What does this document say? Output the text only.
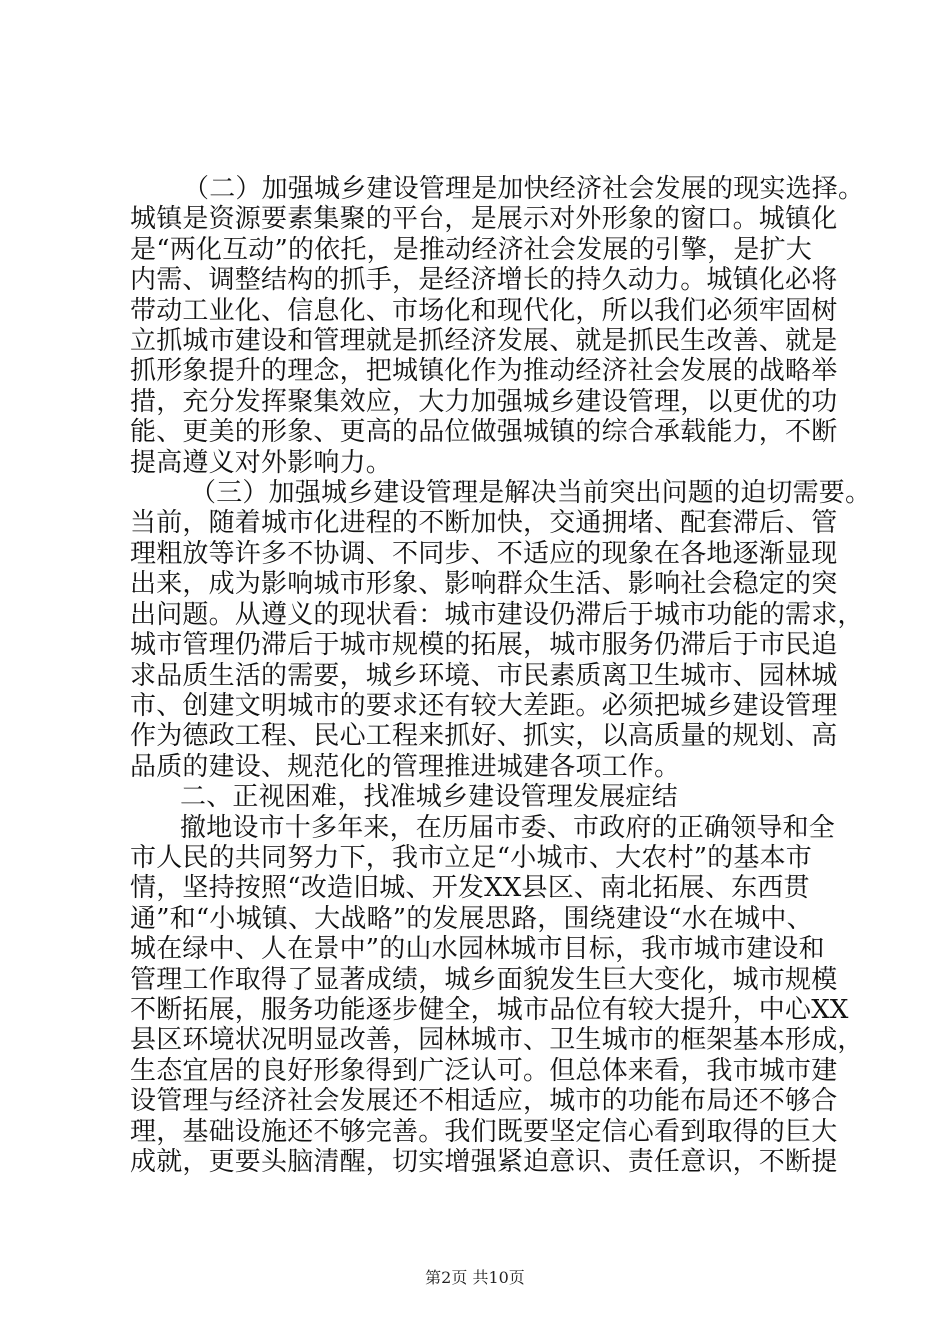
（二）加强城乡建设管理是加快经济社会发展的现实选择。
城镇是资源要素集聚的平台，是展示对外形象的窗口。城镇化
是“两化互动”的依托，是推动经济社会发展的引擎，是扩大
内需、调整结构的抓手，是经济增长的持久动力。城镇化必将
带动工业化、信息化、市场化和现代化，所以我们必须牢固树
立抓城市建设和管理就是抓经济发展、就是抓民生改善、就是
抓形象提升的理念，把城镇化作为推动经济社会发展的战略举
措，充分发挥聚集效应，大力加强城乡建设管理，以更优的功
能、更美的形象、更高的品位做强城镇的综合承载能力，不断
提高遵义对外影响力。
（三）加强城乡建设管理是解决当前突出问题的迫切需要。
当前，随着城市化进程的不断加快，交通拥堵、配套滞后、管
理粗放等许多不协调、不同步、不适应的现象在各地逐渐显现
出来，成为影响城市形象、影响群众生活、影响社会稳定的突
出问题。从遵义的现状看：城市建设仍滞后于城市功能的需求，
城市管理仍滞后于城市规模的拓展，城市服务仍滞后于市民追
求品质生活的需要，城乡环境、市民素质离卫生城市、园林城
市、创建文明城市的要求还有较大差距。必须把城乡建设管理
作为德政工程、民心工程来抓好、抓实，以高质量的规划、高
品质的建设、规范化的管理推进城建各项工作。
二、正视困难，找准城乡建设管理发展症结
撤地设市十多年来，在历届市委、市政府的正确领导和全
市人民的共同努力下，我市立足“小城市、大农村”的基本市
情，坚持按照“改造旧城、开发XX县区、南北拓展、东西贯
通”和“小城镇、大战略”的发展思路，围绕建设“水在城中、
城在绿中、人在景中”的山水园林城市目标，我市城市建设和
管理工作取得了显著成绩，城乡面貌发生巨大变化，城市规模
不断拓展，服务功能逐步健全，城市品位有较大提升，中心XX
县区环境状况明显改善，园林城市、卫生城市的框架基本形成，
生态宜居的良好形象得到广泛认可。但总体来看，我市城市建
设管理与经济社会发展还不相适应，城市的功能布局还不够合
理，基础设施还不够完善。我们既要坚定信心看到取得的巨大
成就，更要头脑清醒，切实增强紧迫意识、责任意识，不断提
第2页 共10页
